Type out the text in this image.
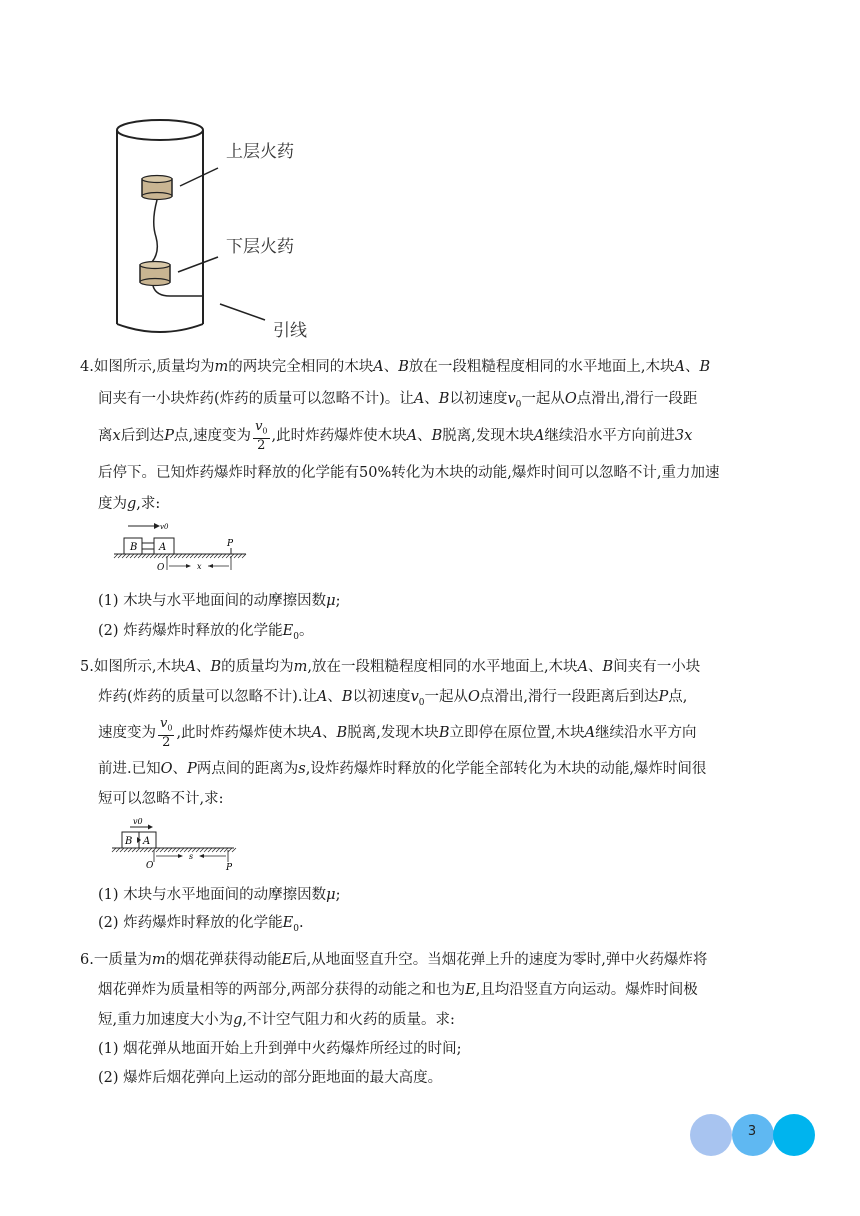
上层火药
下层火药
引线
4.如图所示,质量均为m的两块完全相同的木块A、B放在一段粗糙程度相同的水平地面上,木块A、B
间夹有一小块炸药(炸药的质量可以忽略不计)。让A、B以初速度$v_0$一起从O点滑出,滑行一段距
离x后到达P点,速度变为 $\frac{v_0}{2}$ ,此时炸药爆炸使木块A、B脱离,发现木块A继续沿水平方向前进3x
后停下。已知炸药爆炸时释放的化学能有50%转化为木块的动能,爆炸时间可以忽略不计,重力加速
度为g,求:
B A
v0
P
O	x
(1) 木块与水平地面间的动摩擦因数μ;
(2) 炸药爆炸时释放的化学能$E_0$。
5.如图所示,木块A、B的质量均为m,放在一段粗糙程度相同的水平地面上,木块A、B间夹有一小块
炸药(炸药的质量可以忽略不计).让A、B以初速度$v_0$一起从O点滑出,滑行一段距离后到达P点,
速度变为 $\frac{v_0}{2}$ ,此时炸药爆炸使木块A、B脱离,发现木块B立即停在原位置,木块A继续沿水平方向
前进.已知O、P两点间的距离为s,设炸药爆炸时释放的化学能全部转化为木块的动能,爆炸时间很
短可以忽略不计,求:
v0
B A
O
s
P
(1) 木块与水平地面间的动摩擦因数μ;
(2) 炸药爆炸时释放的化学能$E_0$.
6.一质量为m的烟花弹获得动能E后,从地面竖直升空。当烟花弹上升的速度为零时,弹中火药爆炸将
烟花弹炸为质量相等的两部分,两部分获得的动能之和也为E,且均沿竖直方向运动。爆炸时间极
短,重力加速度大小为g,不计空气阻力和火药的质量。求:
(1) 烟花弹从地面开始上升到弹中火药爆炸所经过的时间;
(2) 爆炸后烟花弹向上运动的部分距地面的最大高度。
3
